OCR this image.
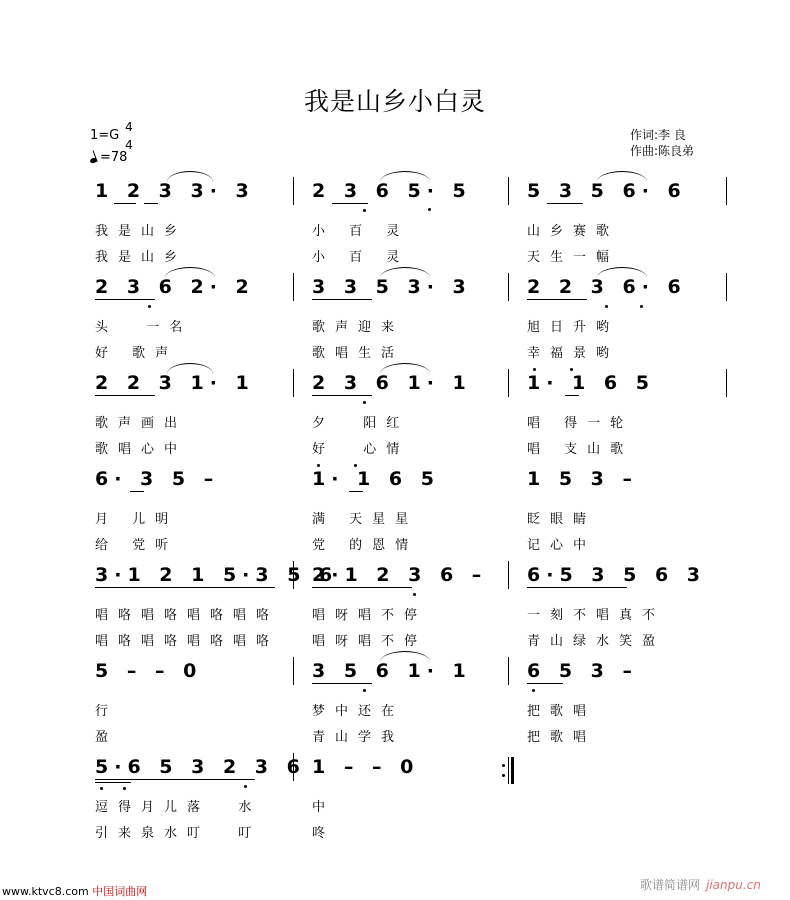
我是山乡小白灵
1=G
4
4
=78
作词:李 良
作曲:陈良弟
1 2 3 3· 3	2 3 6 5· 5	5 3 5 6· 6
我是山乡	小 百 灵	山乡赛歌
我是山乡	小 百 灵	天生一幅
2 3 6 2· 2	3 3 5 3· 3	2 2 3 6· 6
头  一名	歌声迎来	旭日升哟
好 歌声	歌唱生活	幸福景哟
2 2 3 1· 1	2 3 6 1· 1	1· 1 6 5
歌声画出	夕  阳红	唱 得一轮
歌唱心中	好  心情	唱 支山歌
6· 3 5 –	1· 1 6 5	1 5 3 –
月 儿明	满 天星星	眨眼睛
给 党听	党 的恩情	记心中
3·1 2 1 5·3 5 6
2·1 2 3 6 – 6·5 3 5 6 3
唱咯唱咯唱咯唱咯	唱呀唱不停	一刻不唱真不
唱咯唱咯唱咯唱咯	唱呀唱不停	青山绿水笑盈
5 – – 0	3 5 6 1· 1	6 5 3 –
行	梦中还在	把歌唱
盈	青山学我	把歌唱
5·6 5 3 2 3 6 1 – – 0
逗得月儿落  水	中
引来泉水叮  叮	咚
www.ktvc8.com 中国词曲网	歌谱简谱网 jianpu.cn
